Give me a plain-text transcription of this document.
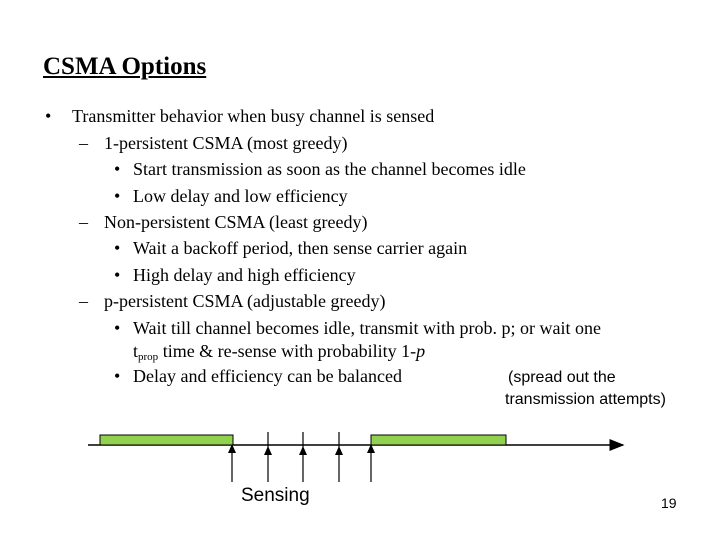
CSMA Options
• Transmitter behavior when busy channel is sensed
– 1-persistent CSMA (most greedy)
• Start transmission as soon as the channel becomes idle
• Low delay and low efficiency
– Non-persistent CSMA (least greedy)
• Wait a backoff period, then sense carrier again
• High delay and high efficiency
– p-persistent CSMA (adjustable greedy)
• Wait till channel becomes idle, transmit with prob. p; or wait one
$t_{prop}$ time & re-sense with probability 1-p
• Delay and efficiency can be balanced	(spread out the
transmission attempts)
Sensing	19
